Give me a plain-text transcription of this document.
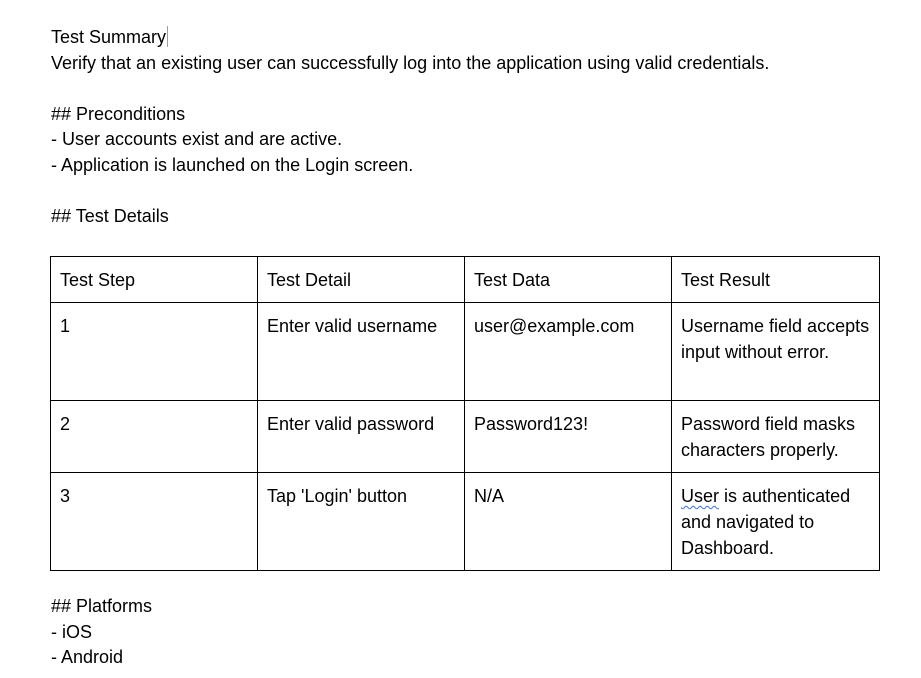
Test Summary
Verify that an existing user can successfully log into the application using valid credentials.
## Preconditions
- User accounts exist and are active.
- Application is launched on the Login screen.
## Test Details
Test Step	Test Detail	Test Data	Test Result
1	Enter valid username	user@example.com	Username field accepts input without error.
2	Enter valid password	Password123!	Password field masks characters properly.
3	Tap 'Login' button	N/A	User is authenticated and navigated to Dashboard.
## Platforms
- iOS
- Android
